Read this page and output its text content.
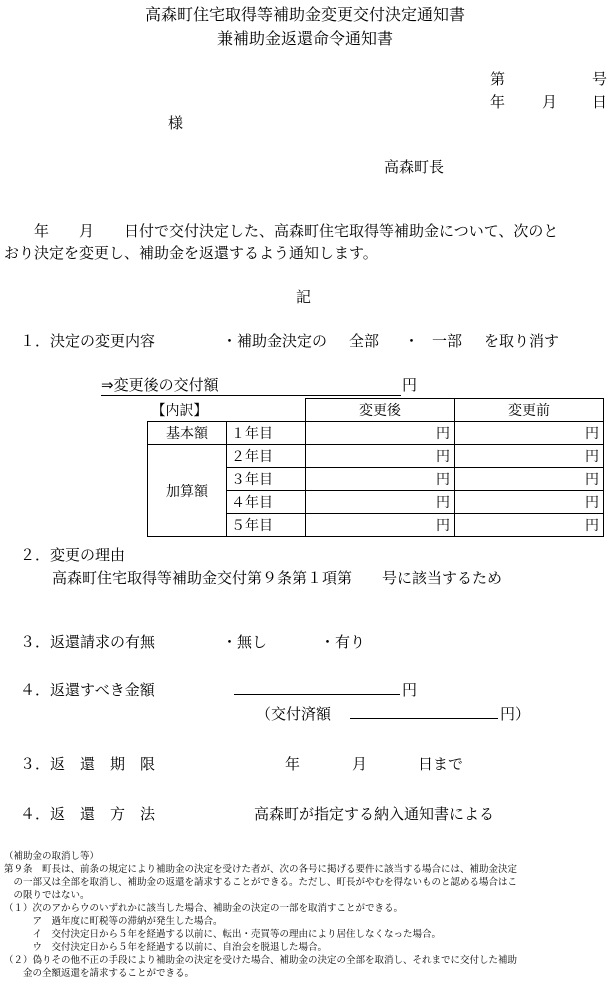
高森町住宅取得等補助金変更交付決定通知書
兼補助金返還命令通知書
第	号
年 月 日
様
高森町長
年　　月　　日付で交付決定した、高森町住宅取得等補助金について、次のと
おり決定を変更し、補助金を返還するよう通知します。
記
１．決定の変更内容	・補助金決定の 全部 ・ 一部 を取り消す
⇒変更後の交付額	円
【内訳】		変更後	変更前
基本額	１年目	円	円
加算額	２年目	円	円
	３年目	円	円
	４年目	円	円
	５年目	円	円
２．変更の理由
高森町住宅取得等補助金交付第９条第１項第　　号に該当するため
３．返還請求の有無	・無し	・有り
４．返還すべき金額	円
（交付済額	円）
３．返　還　期　限	年	月	日まで
４．返　還　方　法	高森町が指定する納入通知書による
（補助金の取消し等）
第９条　町長は、前条の規定により補助金の決定を受けた者が、次の各号に掲げる要件に該当する場合には、補助金決定
　の一部又は全部を取消し、補助金の返還を請求することができる。ただし、町長がやむを得ないものと認める場合はこ
　の限りではない。
（１）次のアからウのいずれかに該当した場合、補助金の決定の一部を取消すことができる。
　　　ア　過年度に町税等の滞納が発生した場合。
　　　イ　交付決定日から５年を経過する以前に、転出・売買等の理由により居住しなくなった場合。
　　　ウ　交付決定日から５年を経過する以前に、自治会を脱退した場合。
（２）偽りその他不正の手段により補助金の決定を受けた場合、補助金の決定の全部を取消し、それまでに交付した補助
　　金の全額返還を請求することができる。
